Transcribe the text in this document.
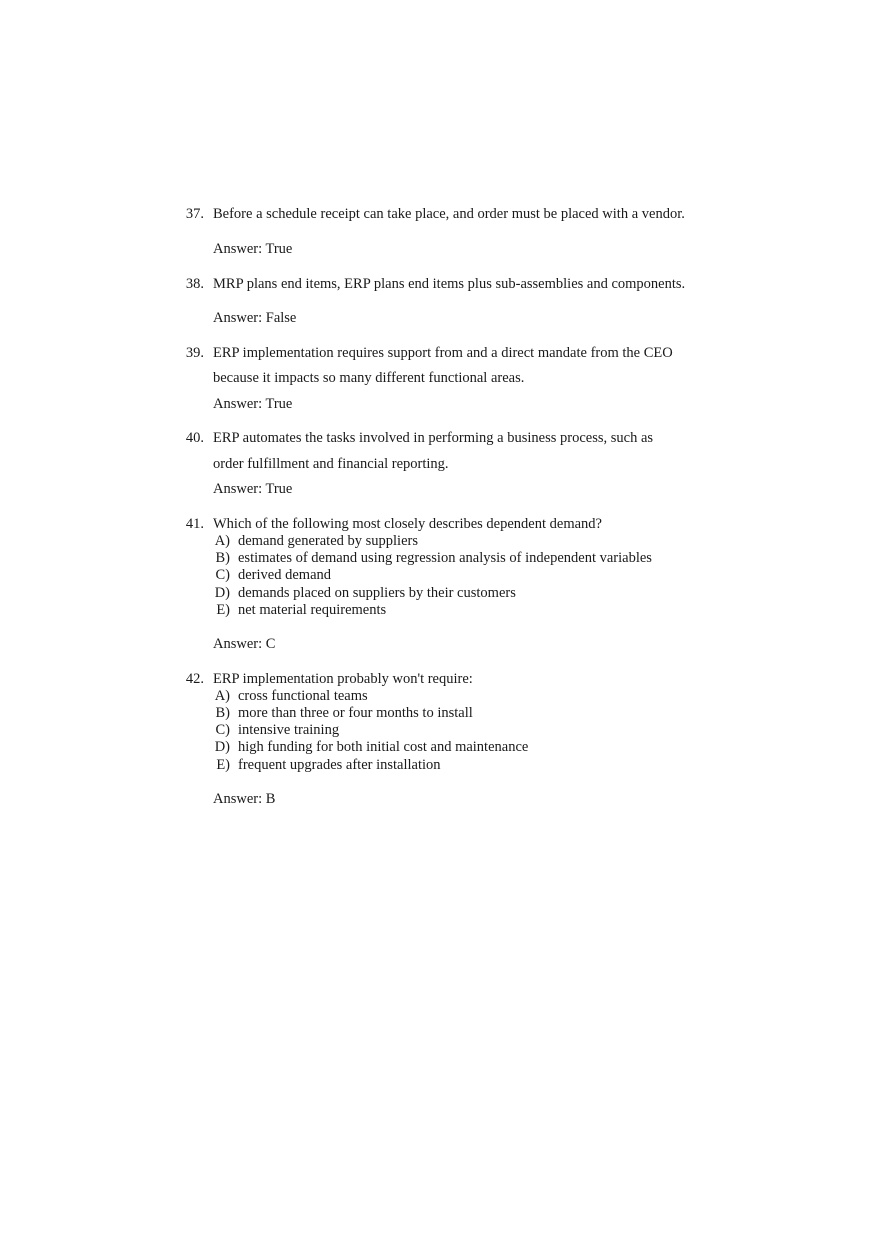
37. Before a schedule receipt can take place, and order must be placed with a vendor.
Answer: True
38. MRP plans end items, ERP plans end items plus sub-assemblies and components.
Answer: False
39. ERP implementation requires support from and a direct mandate from the CEO
because it impacts so many different functional areas.
Answer: True
40. ERP automates the tasks involved in performing a business process, such as
order fulfillment and financial reporting.
Answer: True
41. Which of the following most closely describes dependent demand?
A) demand generated by suppliers
B) estimates of demand using regression analysis of independent variables
C) derived demand
D) demands placed on suppliers by their customers
E) net material requirements
Answer: C
42. ERP implementation probably won't require:
A) cross functional teams
B) more than three or four months to install
C) intensive training
D) high funding for both initial cost and maintenance
E) frequent upgrades after installation
Answer: B
